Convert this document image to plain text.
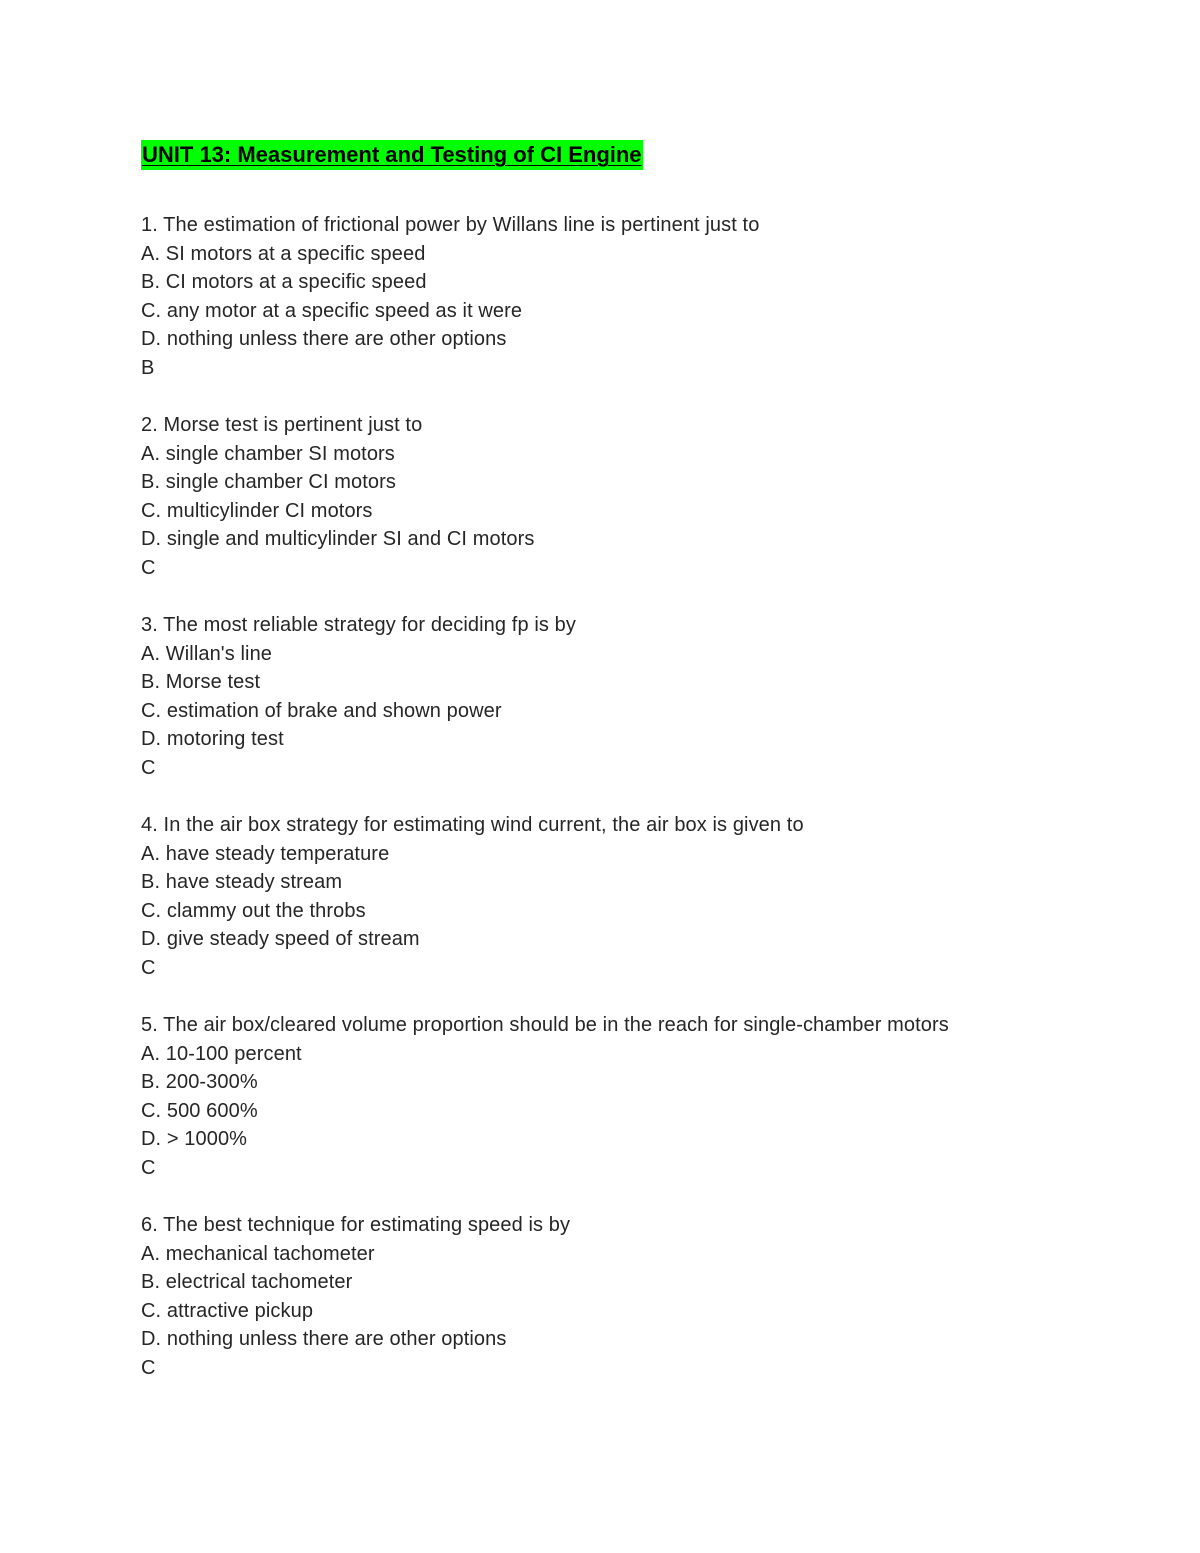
UNIT 13: Measurement and Testing of CI Engine
1. The estimation of frictional power by Willans line is pertinent just to
A. SI motors at a specific speed
B. CI motors at a specific speed
C. any motor at a specific speed as it were
D. nothing unless there are other options
B
2. Morse test is pertinent just to
A. single chamber SI motors
B. single chamber CI motors
C. multicylinder CI motors
D. single and multicylinder SI and CI motors
C
3. The most reliable strategy for deciding fp is by
A. Willan's line
B. Morse test
C. estimation of brake and shown power
D. motoring test
C
4. In the air box strategy for estimating wind current, the air box is given to
A. have steady temperature
B. have steady stream
C. clammy out the throbs
D. give steady speed of stream
C
5. The air box/cleared volume proportion should be in the reach for single-chamber motors
A. 10-100 percent
B. 200-300%
C. 500 600%
D. > 1000%
C
6. The best technique for estimating speed is by
A. mechanical tachometer
B. electrical tachometer
C. attractive pickup
D. nothing unless there are other options
C
